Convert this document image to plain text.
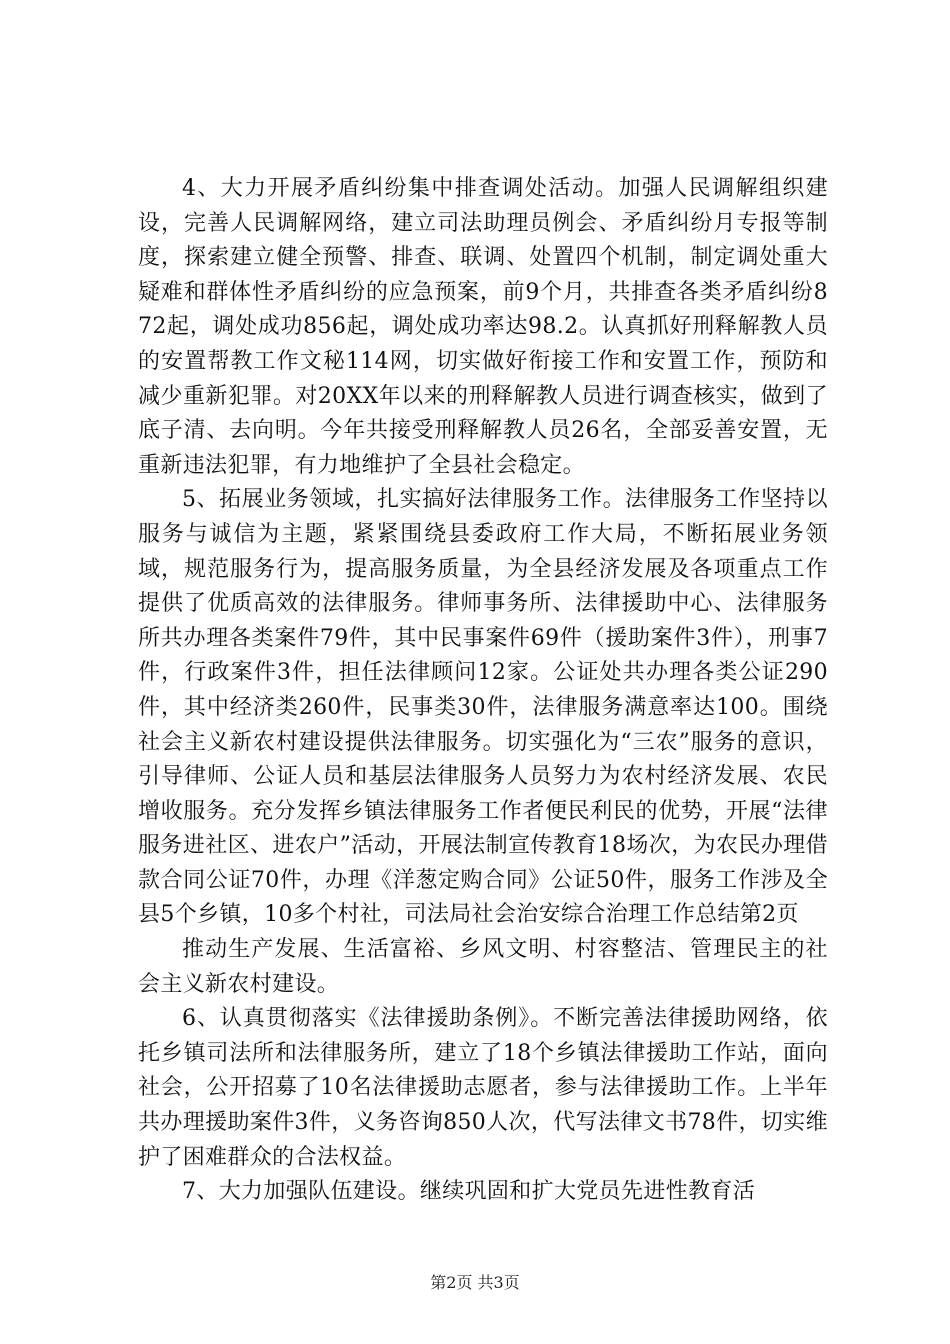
4、大力开展矛盾纠纷集中排查调处活动。加强人民调解组织建设，完善人民调解网络，建立司法助理员例会、矛盾纠纷月专报等制度，探索建立健全预警、排查、联调、处置四个机制，制定调处重大疑难和群体性矛盾纠纷的应急预案，前9个月，共排查各类矛盾纠纷872起，调处成功856起，调处成功率达98.2。认真抓好刑释解教人员的安置帮教工作文秘114网，切实做好衔接工作和安置工作，预防和减少重新犯罪。对20XX年以来的刑释解教人员进行调查核实，做到了底子清、去向明。今年共接受刑释解教人员26名，全部妥善安置，无重新违法犯罪，有力地维护了全县社会稳定。

5、拓展业务领域，扎实搞好法律服务工作。法律服务工作坚持以服务与诚信为主题，紧紧围绕县委政府工作大局，不断拓展业务领域，规范服务行为，提高服务质量，为全县经济发展及各项重点工作提供了优质高效的法律服务。律师事务所、法律援助中心、法律服务所共办理各类案件79件，其中民事案件69件（援助案件3件），刑事7件，行政案件3件，担任法律顾问12家。公证处共办理各类公证290件，其中经济类260件，民事类30件，法律服务满意率达100。围绕社会主义新农村建设提供法律服务。切实强化为“三农”服务的意识，引导律师、公证人员和基层法律服务人员努力为农村经济发展、农民增收服务。充分发挥乡镇法律服务工作者便民利民的优势，开展“法律服务进社区、进农户”活动，开展法制宣传教育18场次，为农民办理借款合同公证70件，办理《洋葱定购合同》公证50件，服务工作涉及全县5个乡镇，10多个村社，司法局社会治安综合治理工作总结第2页

推动生产发展、生活富裕、乡风文明、村容整洁、管理民主的社会主义新农村建设。

6、认真贯彻落实《法律援助条例》。不断完善法律援助网络，依托乡镇司法所和法律服务所，建立了18个乡镇法律援助工作站，面向社会，公开招募了10名法律援助志愿者，参与法律援助工作。上半年共办理援助案件3件，义务咨询850人次，代写法律文书78件，切实维护了困难群众的合法权益。

7、大力加强队伍建设。继续巩固和扩大党员先进性教育活

第2页 共3页
